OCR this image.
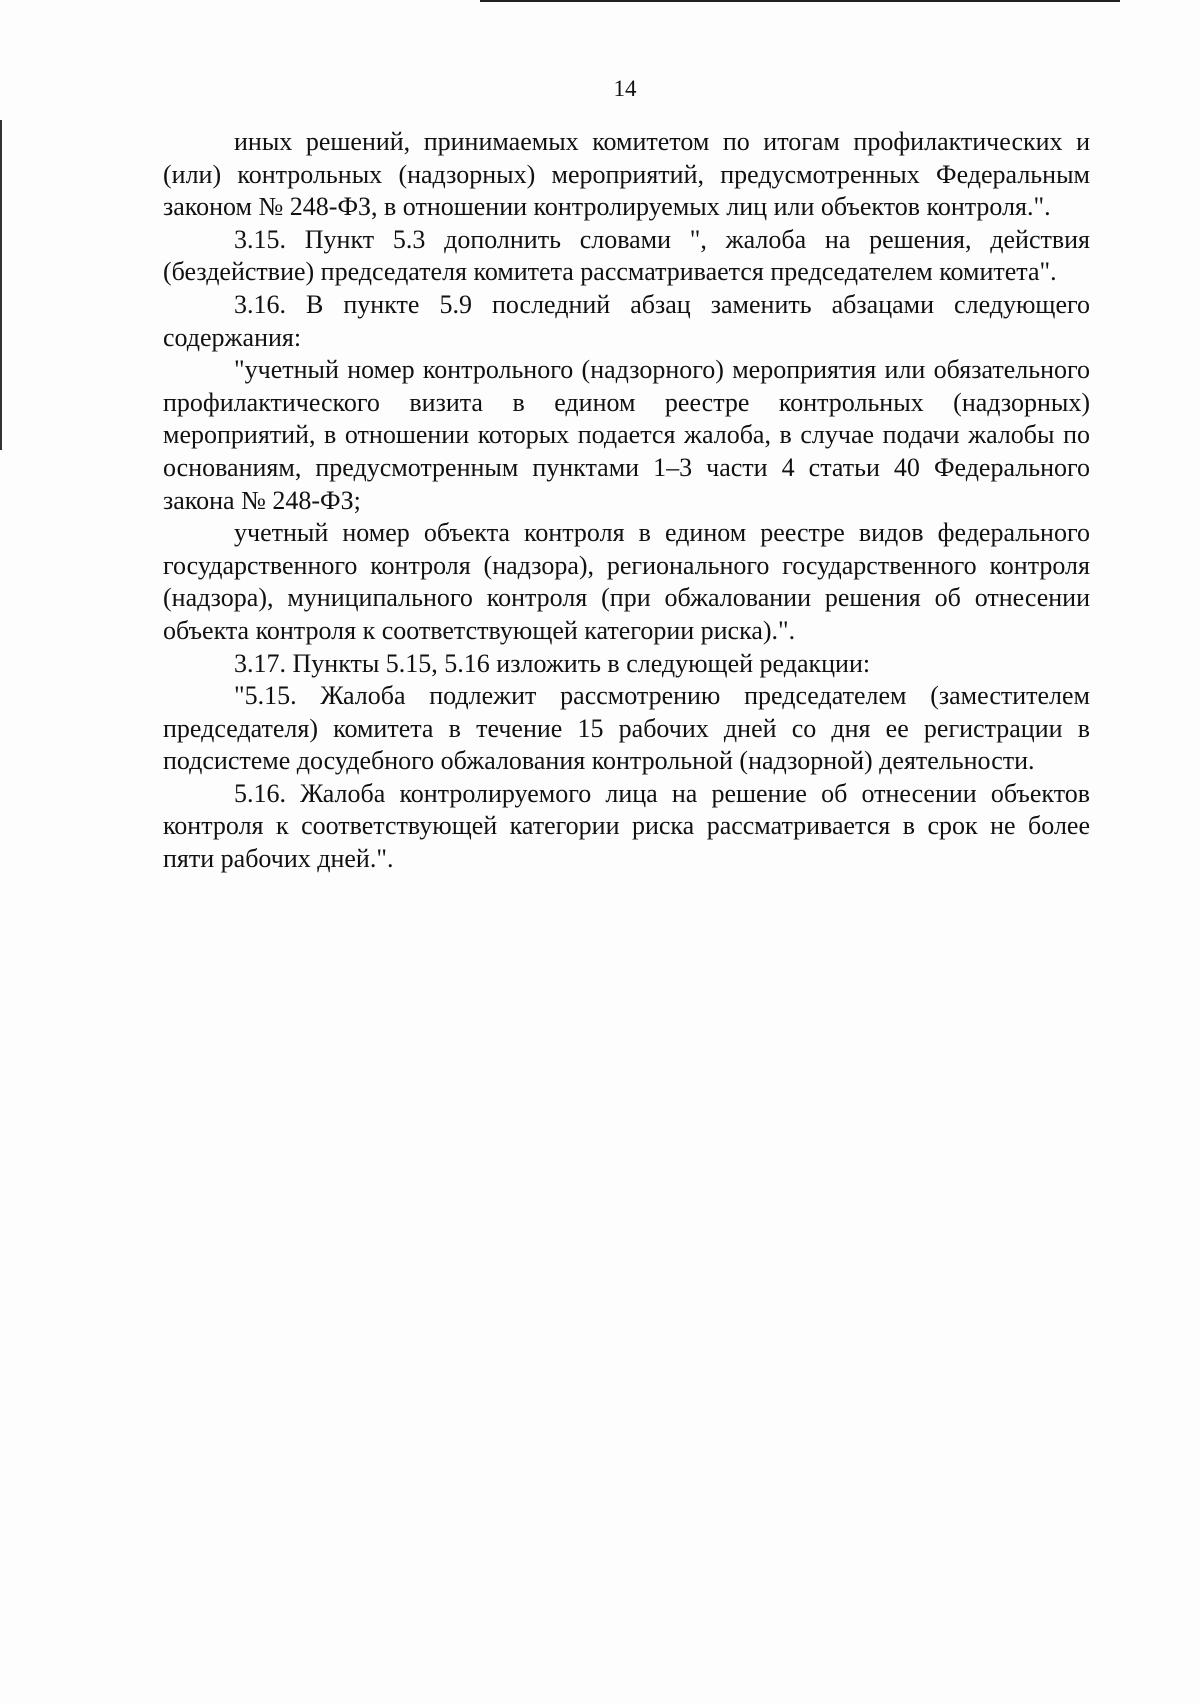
14

иных решений, принимаемых комитетом по итогам профилактических и (или) контрольных (надзорных) мероприятий, предусмотренных Федеральным законом № 248-ФЗ, в отношении контролируемых лиц или объектов контроля.".

3.15. Пункт 5.3 дополнить словами ", жалоба на решения, действия (бездействие) председателя комитета рассматривается председателем комитета".

3.16. В пункте 5.9 последний абзац заменить абзацами следующего содержания:

"учетный номер контрольного (надзорного) мероприятия или обязательного профилактического визита в едином реестре контрольных (надзорных) мероприятий, в отношении которых подается жалоба, в случае подачи жалобы по основаниям, предусмотренным пунктами 1–3 части 4 статьи 40 Федерального закона № 248-ФЗ;

учетный номер объекта контроля в едином реестре видов федерального государственного контроля (надзора), регионального государственного контроля (надзора), муниципального контроля (при обжаловании решения об отнесении объекта контроля к соответствующей категории риска).".

3.17. Пункты 5.15, 5.16 изложить в следующей редакции:

"5.15. Жалоба подлежит рассмотрению председателем (заместителем председателя) комитета в течение 15 рабочих дней со дня ее регистрации в подсистеме досудебного обжалования контрольной (надзорной) деятельности.

5.16. Жалоба контролируемого лица на решение об отнесении объектов контроля к соответствующей категории риска рассматривается в срок не более пяти рабочих дней.".
